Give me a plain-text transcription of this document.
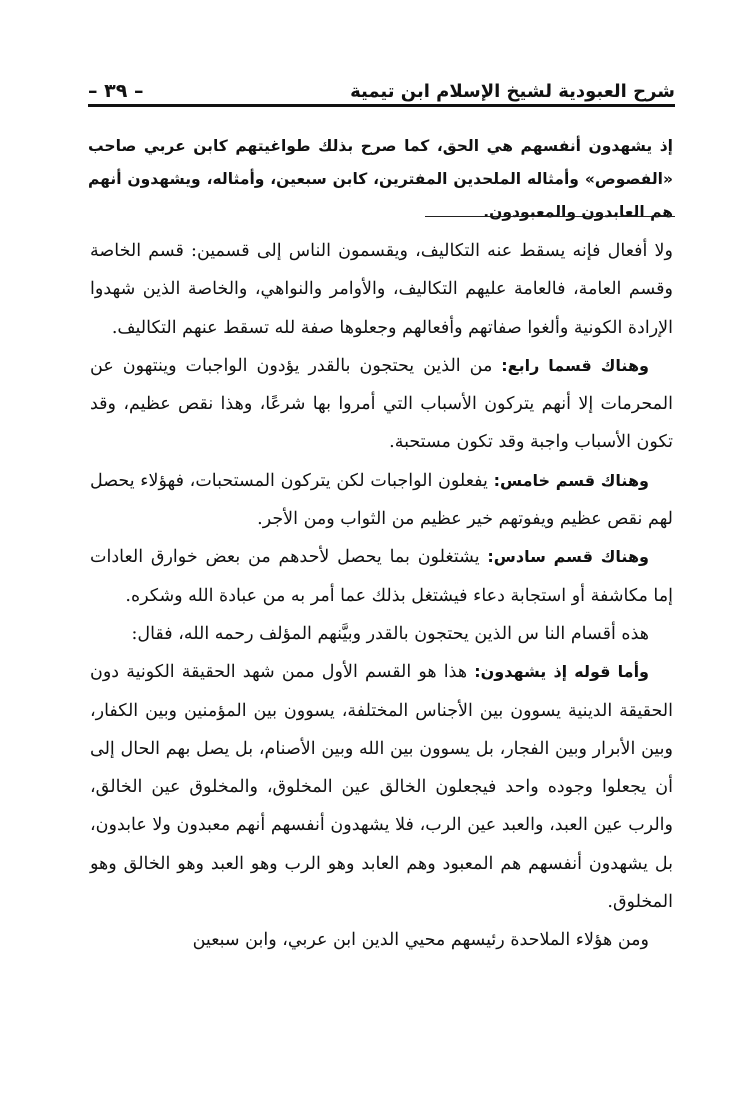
شرح العبودية لشيخ الإسلام ابن تيمية
– ٣٩ –

إذ يشهدون أنفسهم هي الحق، كما صرح بذلك طواغيتهم كابن عربي صاحب «الفصوص» وأمثاله الملحدين المفترين، كابن سبعين، وأمثاله، ويشهدون أنهم هم العابدون والمعبودون.

ولا أفعال فإنه يسقط عنه التكاليف، ويقسمون الناس إلى قسمين: قسم الخاصة وقسم العامة، فالعامة عليهم التكاليف، والأوامر والنواهي، والخاصة الذين شهدوا الإرادة الكونية وألغوا صفاتهم وأفعالهم وجعلوها صفة لله تسقط عنهم التكاليف.

وهناك قسما رابع: من الذين يحتجون بالقدر يؤدون الواجبات وينتهون عن المحرمات إلا أنهم يتركون الأسباب التي أمروا بها شرعًا، وهذا نقص عظيم، وقد تكون الأسباب واجبة وقد تكون مستحبة.

وهناك قسم خامس: يفعلون الواجبات لكن يتركون المستحبات، فهؤلاء يحصل لهم نقص عظيم ويفوتهم خير عظيم من الثواب ومن الأجر.

وهناك قسم سادس: يشتغلون بما يحصل لأحدهم من بعض خوارق العادات إما مكاشفة أو استجابة دعاء فيشتغل بذلك عما أمر به من عبادة الله وشكره.

هذه أقسام النا س الذين يحتجون بالقدر وبيَّنهم المؤلف رحمه الله، فقال:

وأما قوله إذ يشهدون: هذا هو القسم الأول ممن شهد الحقيقة الكونية دون الحقيقة الدينية يسوون بين الأجناس المختلفة، يسوون بين المؤمنين وبين الكفار، وبين الأبرار وبين الفجار، بل يسوون بين الله وبين الأصنام، بل يصل بهم الحال إلى أن يجعلوا وجوده واحد فيجعلون الخالق عين المخلوق، والمخلوق عين الخالق، والرب عين العبد، والعبد عين الرب، فلا يشهدون أنفسهم أنهم معبدون ولا عابدون، بل يشهدون أنفسهم هم المعبود وهم العابد وهو الرب وهو العبد وهو الخالق وهو المخلوق.

ومن هؤلاء الملاحدة رئيسهم محيي الدين ابن عربي، وابن سبعين
